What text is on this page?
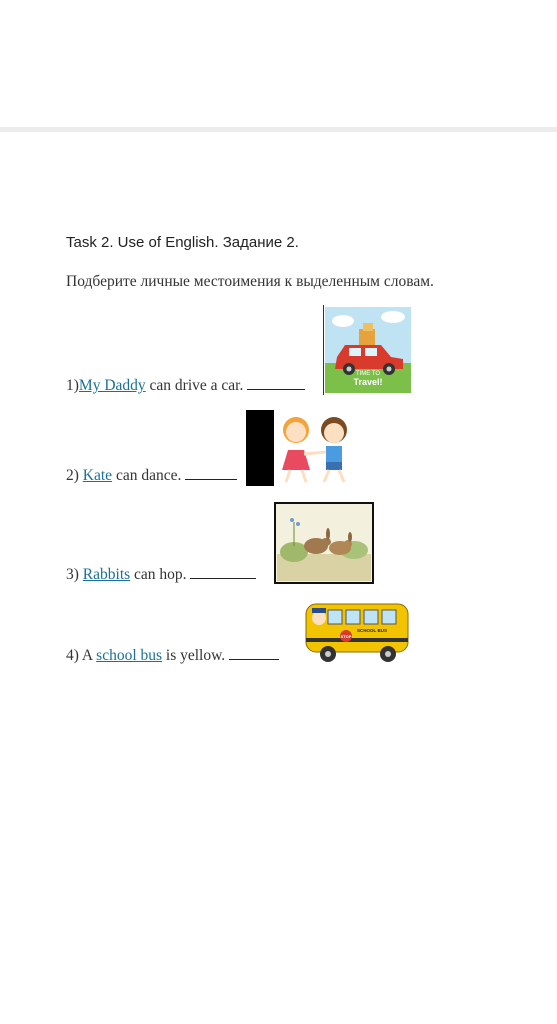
Task 2. Use of English. Задание 2.
Подберите личные местоимения к выделенным словам.
1)My Daddy can drive a car.
TIME TO
Travel!
2) Kate can dance.
3) Rabbits can hop.
4) A school bus is yellow.
STOP
SCHOOL BUS
